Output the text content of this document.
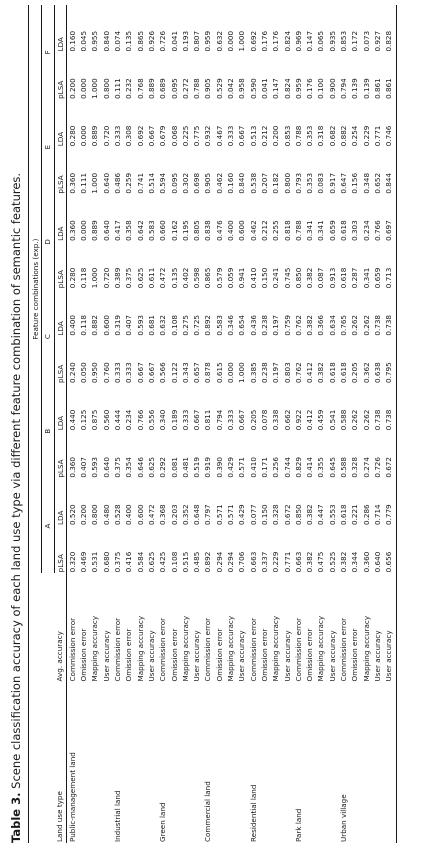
Table 3. Scene classification accuracy of each land use type via different feature combination of semantic features.
		Feature combinations (exp.)											
		A		B		C		D		E		F	
Land use type	Avg. accuracy	pLSA	LDA	pLSA	LDA	pLSA	LDA	pLSA	LDA	pLSA	LDA	pLSA	LDA
Public-management land	Commission error	0.320	0.520	0.360	0.440	0.240	0.400	0.280	0.360	0.360	0.280	0.200	0.160
	Omission error	0.469	0.200	0.407	0.125	0.050	0.118	0.118	0.000	0.111	0.000	0.000	0.045
	Mapping accuracy	0.531	0.800	0.593	0.875	0.950	0.882	1.000	0.889	1.000	0.889	1.000	0.955
	User accuracy	0.680	0.480	0.640	0.560	0.760	0.600	0.720	0.640	0.640	0.720	0.800	0.840
Industrial land	Commission error	0.375	0.528	0.375	0.444	0.333	0.319	0.389	0.417	0.486	0.333	0.111	0.074
	Omission error	0.416	0.400	0.354	0.234	0.333	0.407	0.375	0.358	0.259	0.308	0.232	0.135
	Mapping accuracy	0.584	0.600	0.646	0.766	0.667	0.593	0.625	0.642	0.741	0.692	0.768	0.865
	User accuracy	0.625	0.472	0.625	0.556	0.667	0.681	0.611	0.583	0.514	0.667	0.889	0.926
Green land	Commission error	0.425	0.368	0.292	0.340	0.566	0.632	0.472	0.660	0.594	0.679	0.689	0.726
	Omission error	0.108	0.203	0.081	0.189	0.122	0.108	0.135	0.162	0.095	0.068	0.095	0.041
	Mapping accuracy	0.515	0.352	0.481	0.333	0.343	0.275	0.402	0.195	0.302	0.225	0.272	0.193
	User accuracy	0.485	0.648	0.519	0.667	0.657	0.725	0.598	0.805	0.698	0.775	0.788	0.807
Commercial land	Commission error	0.892	0.797	0.919	0.811	0.878	0.892	0.865	0.838	0.905	0.932	0.905	0.959
	Omission error	0.294	0.571	0.390	0.794	0.615	0.583	0.579	0.476	0.462	0.467	0.529	0.632
	Mapping accuracy	0.294	0.571	0.429	0.333	0.000	0.346	0.059	0.400	0.160	0.333	0.042	0.000
	User accuracy	0.706	0.429	0.571	0.667	1.000	0.654	0.941	0.600	0.840	0.667	0.958	1.000
Residential land	Commission error	0.663	0.077	0.410	0.205	0.385	0.436	0.410	0.462	0.538	0.513	0.590	0.692
	Omission error	0.337	0.150	0.171	0.078	0.238	0.238	0.150	0.212	0.207	0.212	0.041	0.176
	Mapping accuracy	0.229	0.328	0.256	0.338	0.197	0.197	0.241	0.255	0.182	0.200	0.147	0.176
	User accuracy	0.771	0.672	0.744	0.662	0.803	0.759	0.745	0.818	0.800	0.853	0.824	0.824
Park land	Commission error	0.663	0.850	0.829	0.922	0.762	0.762	0.850	0.788	0.793	0.788	0.959	0.969
	Omission error	0.382	0.382	0.414	0.412	0.412	0.382	0.382	0.341	0.353	0.353	0.176	0.147
	Mapping accuracy	0.475	0.447	0.355	0.459	0.382	0.366	0.087	0.341	0.083	0.318	0.100	0.065
	User accuracy	0.525	0.553	0.645	0.541	0.618	0.634	0.913	0.659	0.917	0.682	0.900	0.935
Urban village	Commission error	0.382	0.618	0.588	0.588	0.618	0.765	0.618	0.618	0.647	0.882	0.794	0.853
	Omission error	0.344	0.221	0.328	0.262	0.205	0.262	0.287	0.303	0.156	0.254	0.139	0.172
	Mapping accuracy	0.360	0.286	0.274	0.262	0.362	0.262	0.341	0.234	0.348	0.229	0.139	0.073
	User accuracy	0.640	0.714	0.726	0.738	0.638	0.738	0.659	0.766	0.652	0.771	0.861	0.927
	User accuracy	0.656	0.779	0.672	0.738	0.795	0.738	0.713	0.697	0.844	0.746	0.861	0.828
